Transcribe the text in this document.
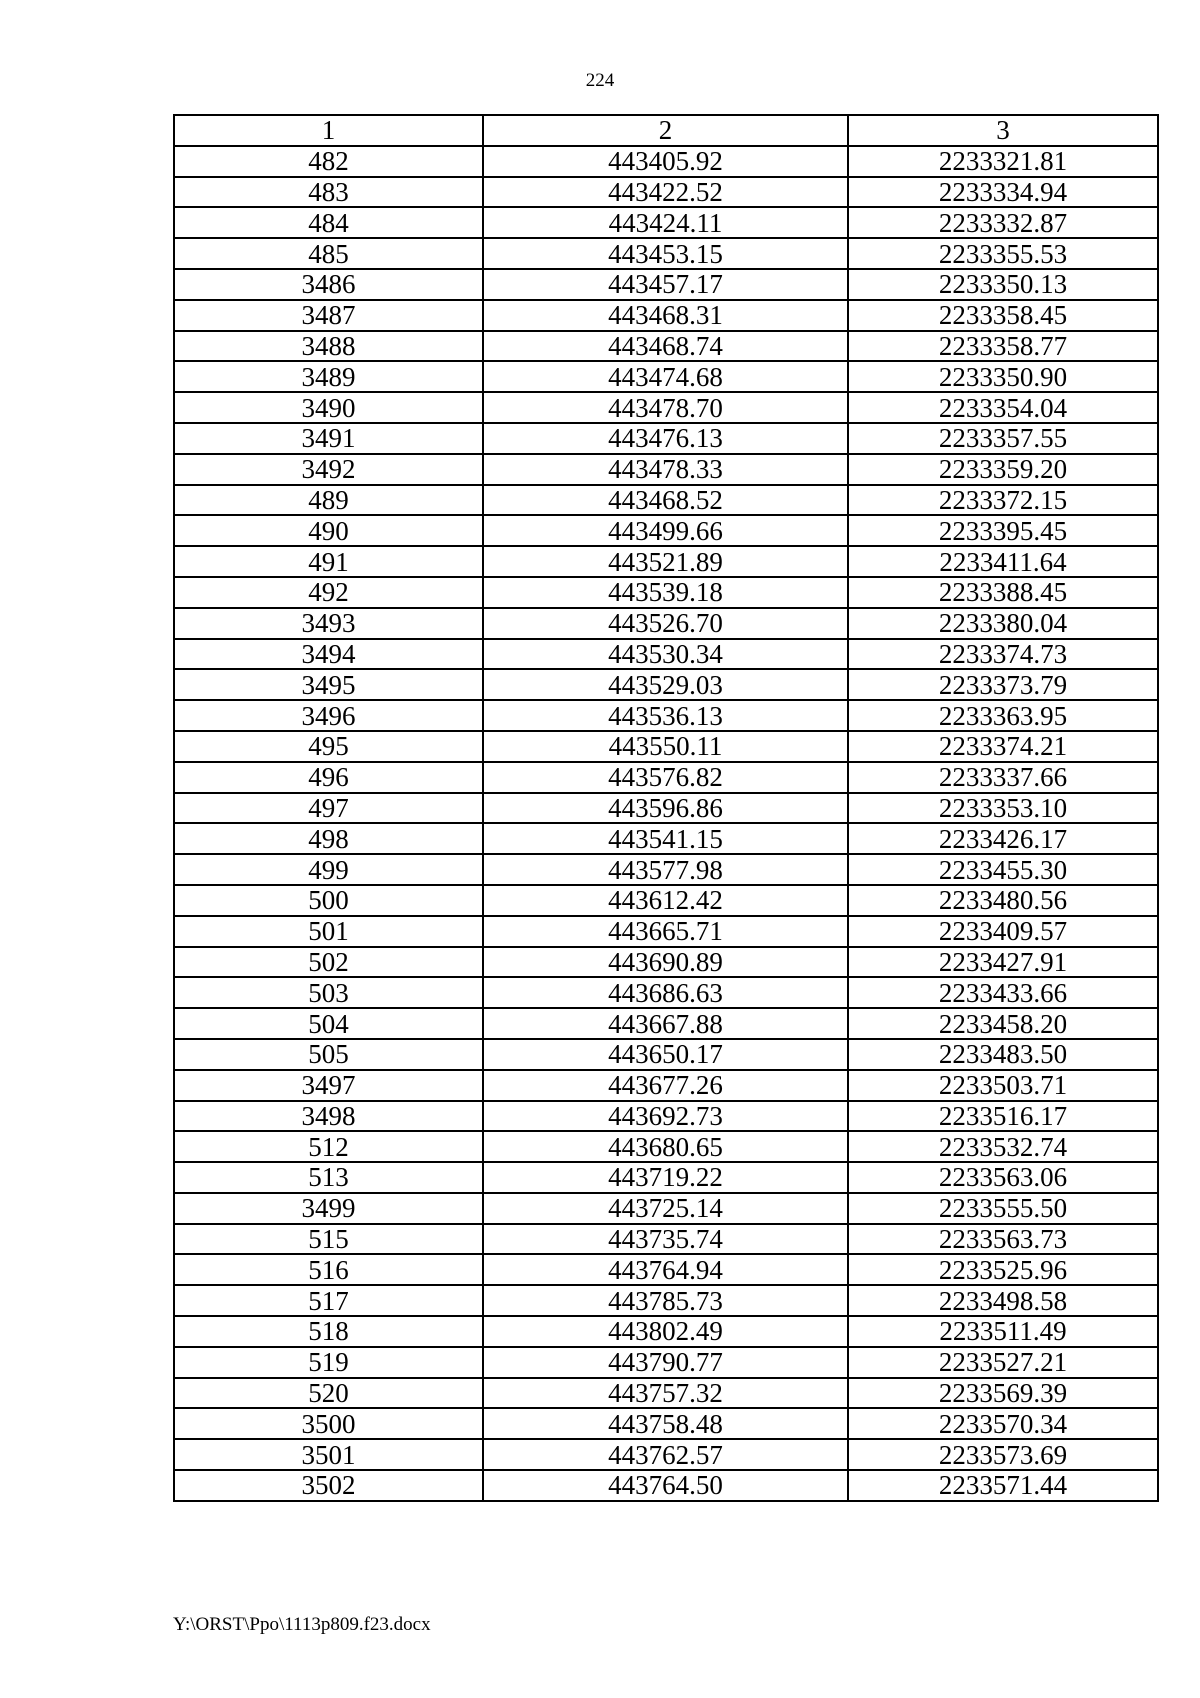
224
1	2	3
482	443405.92	2233321.81
483	443422.52	2233334.94
484	443424.11	2233332.87
485	443453.15	2233355.53
3486	443457.17	2233350.13
3487	443468.31	2233358.45
3488	443468.74	2233358.77
3489	443474.68	2233350.90
3490	443478.70	2233354.04
3491	443476.13	2233357.55
3492	443478.33	2233359.20
489	443468.52	2233372.15
490	443499.66	2233395.45
491	443521.89	2233411.64
492	443539.18	2233388.45
3493	443526.70	2233380.04
3494	443530.34	2233374.73
3495	443529.03	2233373.79
3496	443536.13	2233363.95
495	443550.11	2233374.21
496	443576.82	2233337.66
497	443596.86	2233353.10
498	443541.15	2233426.17
499	443577.98	2233455.30
500	443612.42	2233480.56
501	443665.71	2233409.57
502	443690.89	2233427.91
503	443686.63	2233433.66
504	443667.88	2233458.20
505	443650.17	2233483.50
3497	443677.26	2233503.71
3498	443692.73	2233516.17
512	443680.65	2233532.74
513	443719.22	2233563.06
3499	443725.14	2233555.50
515	443735.74	2233563.73
516	443764.94	2233525.96
517	443785.73	2233498.58
518	443802.49	2233511.49
519	443790.77	2233527.21
520	443757.32	2233569.39
3500	443758.48	2233570.34
3501	443762.57	2233573.69
3502	443764.50	2233571.44
Y:\ORST\Ppo\1113p809.f23.docx
